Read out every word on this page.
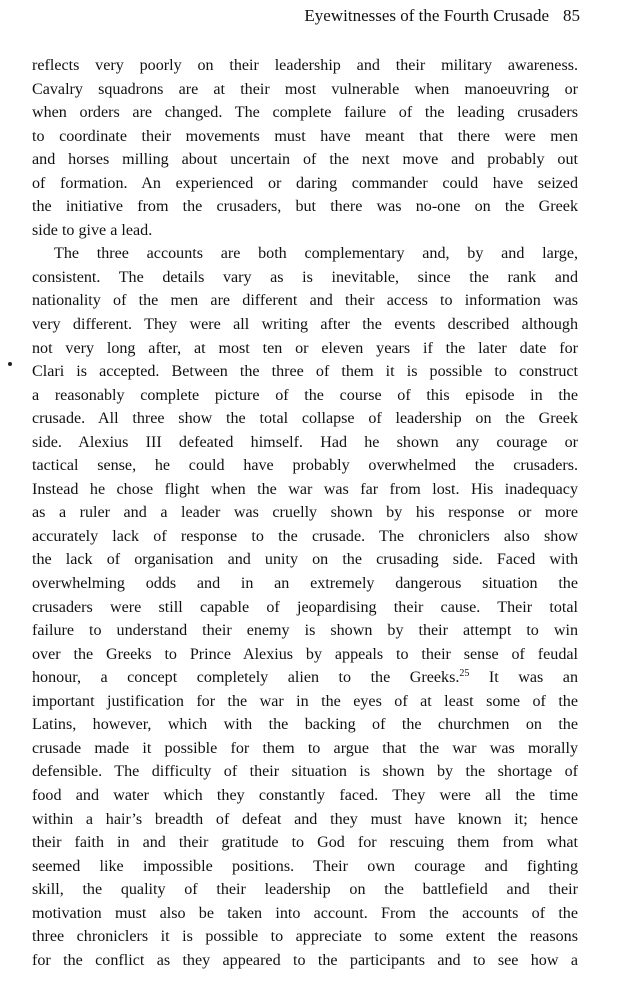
Eyewitnesses of the Fourth Crusade 85
reflects very poorly on their leadership and their military awareness.
Cavalry squadrons are at their most vulnerable when manoeuvring or
when orders are changed. The complete failure of the leading crusaders
to coordinate their movements must have meant that there were men
and horses milling about uncertain of the next move and probably out
of formation. An experienced or daring commander could have seized
the initiative from the crusaders, but there was no-one on the Greek
side to give a lead.
The three accounts are both complementary and, by and large,
consistent. The details vary as is inevitable, since the rank and
nationality of the men are different and their access to information was
very different. They were all writing after the events described although
not very long after, at most ten or eleven years if the later date for
Clari is accepted. Between the three of them it is possible to construct
a reasonably complete picture of the course of this episode in the
crusade. All three show the total collapse of leadership on the Greek
side. Alexius III defeated himself. Had he shown any courage or
tactical sense, he could have probably overwhelmed the crusaders.
Instead he chose flight when the war was far from lost. His inadequacy
as a ruler and a leader was cruelly shown by his response or more
accurately lack of response to the crusade. The chroniclers also show
the lack of organisation and unity on the crusading side. Faced with
overwhelming odds and in an extremely dangerous situation the
crusaders were still capable of jeopardising their cause. Their total
failure to understand their enemy is shown by their attempt to win
over the Greeks to Prince Alexius by appeals to their sense of feudal
honour, a concept completely alien to the Greeks.$^{25}$ It was an
important justification for the war in the eyes of at least some of the
Latins, however, which with the backing of the churchmen on the
crusade made it possible for them to argue that the war was morally
defensible. The difficulty of their situation is shown by the shortage of
food and water which they constantly faced. They were all the time
within a hair’s breadth of defeat and they must have known it; hence
their faith in and their gratitude to God for rescuing them from what
seemed like impossible positions. Their own courage and fighting
skill, the quality of their leadership on the battlefield and their
motivation must also be taken into account. From the accounts of the
three chroniclers it is possible to appreciate to some extent the reasons
for the conflict as they appeared to the participants and to see how a
